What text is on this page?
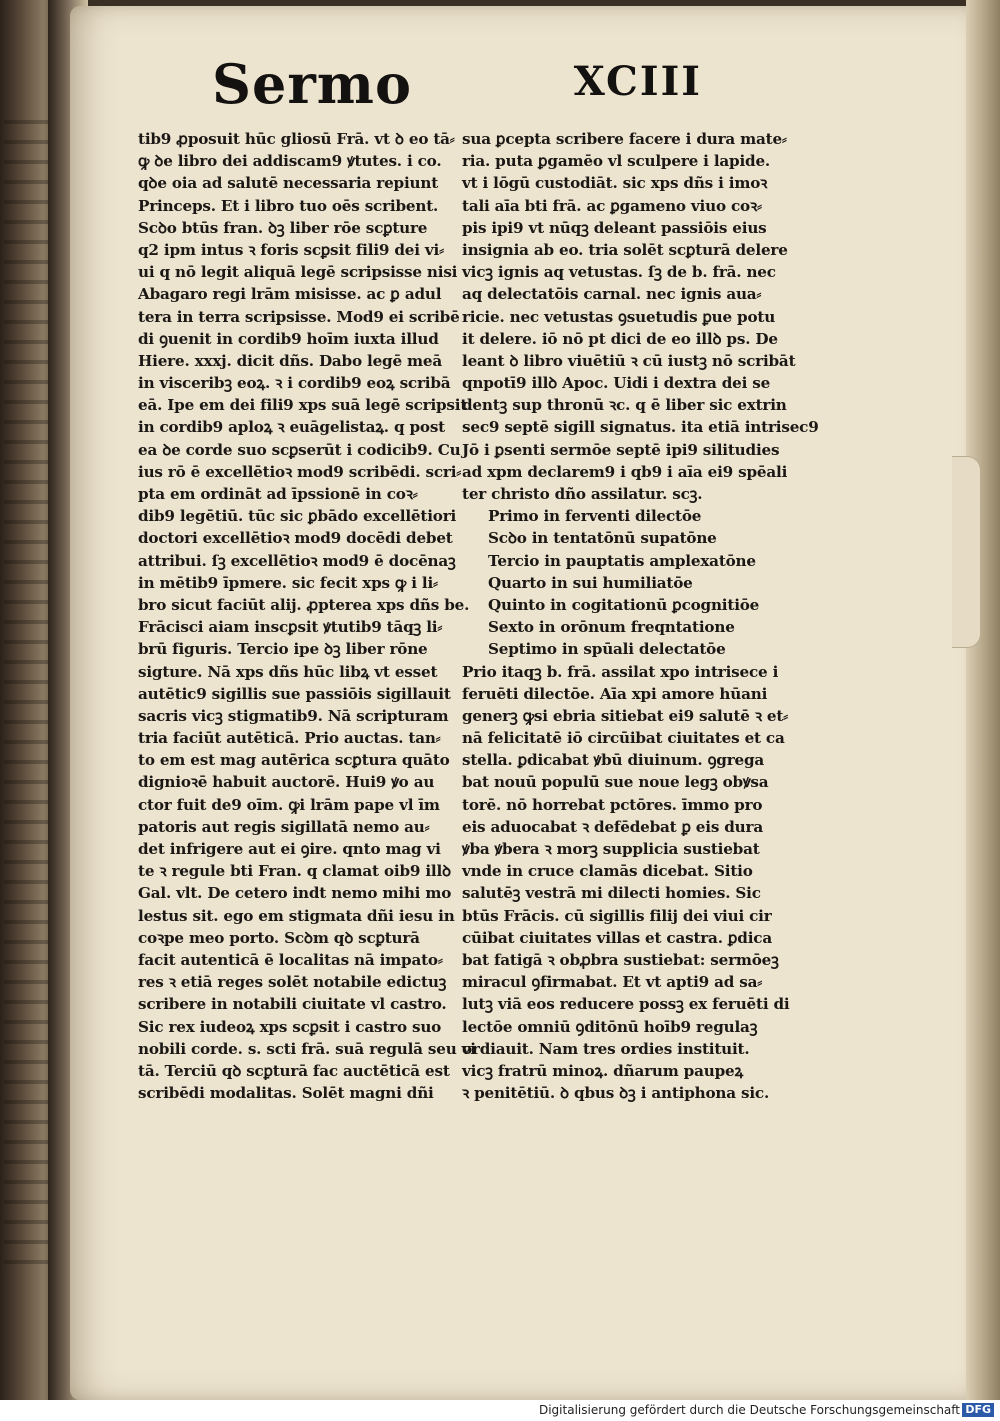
Sermo	XCIII
tib9 ꝓposuit hūc gliosū Frā. vt ꝺ eo tā⸗
ꝙ ꝺe libro dei addiscam9 ꝟtutes. i co.
qꝺe oia ad salutē necessaria repiunt
Princeps. Et i libro tuo oēs scribent.
Scꝺo btūs fran. ꝺꝫ liber rōe scꝑture
q2 ipm intus ꝛ foris scꝑsit fili9 dei vi⸗
ui q nō legit aliquā legē scripsisse nisi
Abagaro regi lrām misisse. ac ꝑ adul
tera in terra scripsisse. Mod9 ei scribē
di ꝯuenit in cordib9 hoīm iuxta illud
Hiere. xxxj. dicit dñs. Dabo legē meā
in visceribꝫ eoꝝ. ꝛ i cordib9 eoꝝ scribā
eā. Ipe em dei fili9 xps suā legē scripsit
in cordib9 aploꝝ ꝛ euāgelistaꝝ. q post
ea ꝺe corde suo scꝑserūt i codicib9. Cu
ius rō ē excellētioꝛ mod9 scribēdi. scri⸗
pta em ordināt ad īpssionē in coꝛ⸗
dib9 legētiū. tūc sic ꝑbādo excellētiori
doctori excellētioꝛ mod9 docēdi debet
attribui. ſꝫ excellētioꝛ mod9 ē docēnaꝫ
in mētib9 īpmere. sic fecit xps ꝙ i li⸗
bro sicut faciūt alij. ꝓpterea xps dñs be.
Frācisci aiam inscꝑsit ꝟtutib9 tāqꝫ li⸗
brū figuris. Tercio ipe ꝺꝫ liber rōne
sigture. Nā xps dñs hūc libꝝ vt esset
autētic9 sigillis sue passiōis sigillauit
sacris vicꝫ stigmatib9. Nā scripturam
tria faciūt autēticā. Prio auctas. tan⸗
to em est mag autērica scꝑtura quāto
dignioꝛē habuit auctorē. Hui9 ꝟo au
ctor fuit de9 oīm. ꝙi lrām pape vl īm
patoris aut regis sigillatā nemo au⸗
det infrigere aut ei ꝯire. qnto mag vi
te ꝛ regule bti Fran. q clamat oib9 illꝺ
Gal. vlt. De cetero indt nemo mihi mo
lestus sit. ego em stigmata dñi iesu in
coꝛpe meo porto. Scꝺm qꝺ scꝑturā
facit autenticā ē localitas nā impato⸗
res ꝛ etiā reges solēt notabile edictuꝫ
scribere in notabili ciuitate vl castro.
Sic rex iudeoꝝ xps scꝑsit i castro suo
nobili corde. s. scti frā. suā regulā seu vi
tā. Terciū qꝺ scꝑturā fac auctēticā est
scribēdi modalitas. Solēt magni dñi
sua ꝑcepta scribere facere i dura mate⸗
ria. puta ꝑgamēo vl sculpere i lapide.
vt i lōgū custodiāt. sic xps dñs i imoꝛ
tali aīa bti frā. ac ꝑgameno viuo coꝛ⸗
pis ipi9 vt nūqꝫ deleant passiōis eius
insignia ab eo. tria solēt scꝑturā delere
vicꝫ ignis aq vetustas. ſꝫ de b. frā. nec
aq delectatōis carnal. nec ignis aua⸗
ricie. nec vetustas ꝯsuetudis ꝑue potu
it delere. iō nō pt dici de eo illꝺ ps. De
leant ꝺ libro viuētiū ꝛ cū iustꝫ nō scribāt
qnpotī9 illꝺ Apoc. Uidi i dextra dei se
dentꝫ sup thronū ꝛc. q ē liber sic extrin
sec9 septē sigill signatus. ita etiā intrisec9
Jō i ꝑsenti sermōe septē ipi9 silitudies
ad xpm declarem9 i qb9 i aīa ei9 spēali
ter christo dño assilatur. scꝫ.
Primo in ferventi dilectōe
Scꝺo in tentatōnū supatōne
Tercio in pauptatis amplexatōne
Quarto in sui humiliatōe
Quinto in cogitationū ꝑcognitiōe
Sexto in orōnum freqntatione
Septimo in spūali delectatōe
Prio itaqꝫ b. frā. assilat xpo intrisece i
feruēti dilectōe. Aīa xpi amore hūani
generꝫ ꝙsi ebria sitiebat ei9 salutē ꝛ et⸗
nā felicitatē iō circūibat ciuitates et ca
stella. ꝑdicabat ꝟbū diuinum. ꝯgrega
bat nouū populū sue noue legꝫ obꝟsa
torē. nō horrebat pctōres. īmmo pro
eis aduocabat ꝛ defēdebat ꝑ eis dura
ꝟba ꝟbera ꝛ morꝫ supplicia sustiebat
vnde in cruce clamās dicebat. Sitio
salutēꝫ vestrā mi dilecti homies. Sic
btūs Frācis. cū sigillis filij dei viui cir
cūibat ciuitates villas et castra. ꝑdica
bat fatigā ꝛ obꝓbra sustiebat: sermōeꝫ
miracul ꝯfirmabat. Et vt apti9 ad sa⸗
lutꝫ viā eos reducere possꝫ ex feruēti di
lectōe omniū ꝯditōnū hoīb9 regulaꝫ
ordiauit. Nam tres ordies instituit.
vicꝫ fratrū minoꝝ. dñarum paupeꝝ
ꝛ penitētiū. ꝺ qbus ꝺꝫ i antiphona sic.
Digitalisierung gefördert durch die Deutsche Forschungsgemeinschaft DFG
